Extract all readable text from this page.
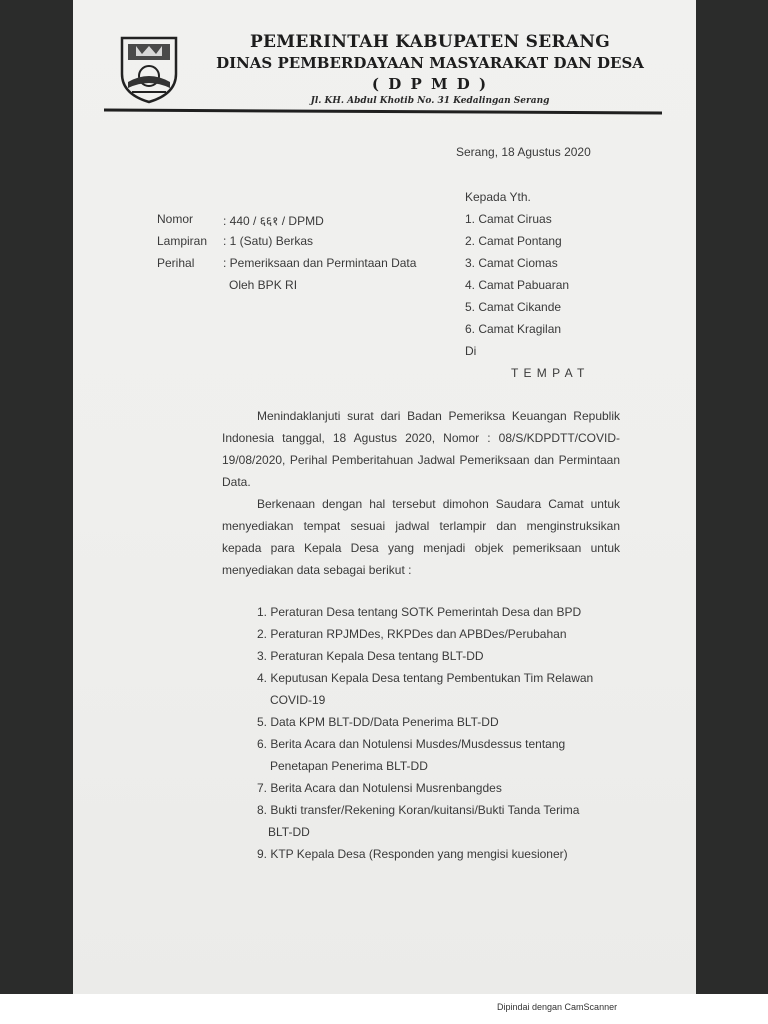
PEMERINTAH KABUPATEN SERANG
DINAS PEMBERDAYAAN MASYARAKAT DAN DESA
( D P M D )
Jl. KH. Abdul Khotib No. 31 Kedalingan Serang
Serang, 18 Agustus 2020
Kepada Yth.
1. Camat Ciruas
2. Camat Pontang
3. Camat Ciomas
4. Camat Pabuaran
5. Camat Cikande
6. Camat Kragilan
Di
T E M P A T
Nomor : 440 / ६६१ / DPMD
Lampiran : 1 (Satu) Berkas
Perihal : Pemeriksaan dan Permintaan Data
Oleh BPK RI
Menindaklanjuti surat dari Badan Pemeriksa Keuangan Republik
Indonesia tanggal, 18 Agustus 2020, Nomor : 08/S/KDPDTT/COVID-
19/08/2020, Perihal Pemberitahuan Jadwal Pemeriksaan dan Permintaan
Data.
Berkenaan dengan hal tersebut dimohon Saudara Camat untuk
menyediakan tempat sesuai jadwal terlampir dan menginstruksikan
kepada para Kepala Desa yang menjadi objek pemeriksaan untuk
menyediakan data sebagai berikut :
1. Peraturan Desa tentang SOTK Pemerintah Desa dan BPD
2. Peraturan RPJMDes, RKPDes dan APBDes/Perubahan
3. Peraturan Kepala Desa tentang BLT-DD
4. Keputusan Kepala Desa tentang Pembentukan Tim Relawan
COVID-19
5. Data KPM BLT-DD/Data Penerima BLT-DD
6. Berita Acara dan Notulensi Musdes/Musdessus tentang
Penetapan Penerima BLT-DD
7. Berita Acara dan Notulensi Musrenbangdes
8. Bukti transfer/Rekening Koran/kuitansi/Bukti Tanda Terima
BLT-DD
9. KTP Kepala Desa (Responden yang mengisi kuesioner)
Dipindai dengan CamScanner
